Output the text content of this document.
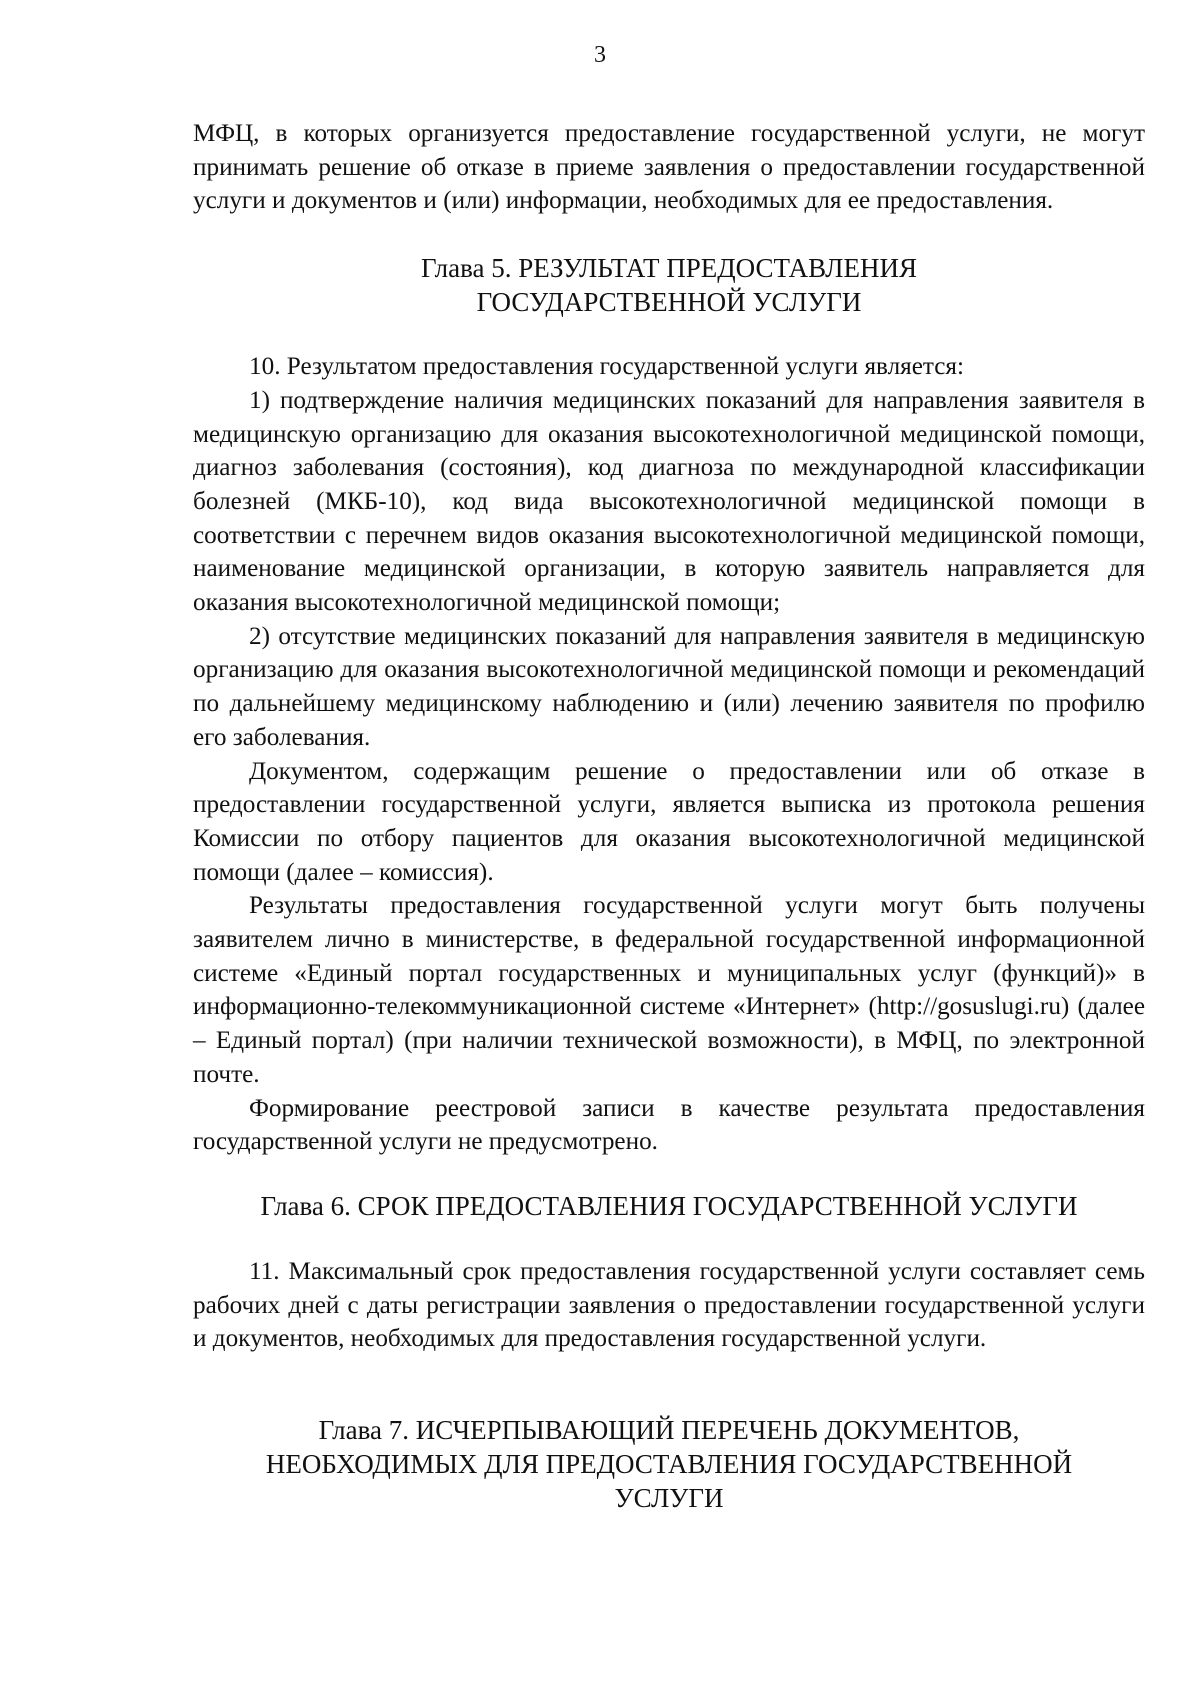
3

МФЦ, в которых организуется предоставление государственной услуги, не могут принимать решение об отказе в приеме заявления о предоставлении государственной услуги и документов и (или) информации, необходимых для ее предоставления.

Глава 5. РЕЗУЛЬТАТ ПРЕДОСТАВЛЕНИЯ
ГОСУДАРСТВЕННОЙ УСЛУГИ

10. Результатом предоставления государственной услуги является:

1) подтверждение наличия медицинских показаний для направления заявителя в медицинскую организацию для оказания высокотехнологичной медицинской помощи, диагноз заболевания (состояния), код диагноза по международной классификации болезней (МКБ-10), код вида высокотехнологичной медицинской помощи в соответствии с перечнем видов оказания высокотехнологичной медицинской помощи, наименование медицинской организации, в которую заявитель направляется для оказания высокотехнологичной медицинской помощи;

2) отсутствие медицинских показаний для направления заявителя в медицинскую организацию для оказания высокотехнологичной медицинской помощи и рекомендаций по дальнейшему медицинскому наблюдению и (или) лечению заявителя по профилю его заболевания.

Документом, содержащим решение о предоставлении или об отказе в предоставлении государственной услуги, является выписка из протокола решения Комиссии по отбору пациентов для оказания высокотехнологичной медицинской помощи (далее – комиссия).

Результаты предоставления государственной услуги могут быть получены заявителем лично в министерстве, в федеральной государственной информационной системе «Единый портал государственных и муниципальных услуг (функций)» в информационно-телекоммуникационной системе «Интернет» (http://gosuslugi.ru) (далее – Единый портал) (при наличии технической возможности), в МФЦ, по электронной почте.

Формирование реестровой записи в качестве результата предоставления государственной услуги не предусмотрено.

Глава 6. СРОК ПРЕДОСТАВЛЕНИЯ ГОСУДАРСТВЕННОЙ УСЛУГИ

11. Максимальный срок предоставления государственной услуги составляет семь рабочих дней с даты регистрации заявления о предоставлении государственной услуги и документов, необходимых для предоставления государственной услуги.

Глава 7. ИСЧЕРПЫВАЮЩИЙ ПЕРЕЧЕНЬ ДОКУМЕНТОВ,
НЕОБХОДИМЫХ ДЛЯ ПРЕДОСТАВЛЕНИЯ ГОСУДАРСТВЕННОЙ
УСЛУГИ
